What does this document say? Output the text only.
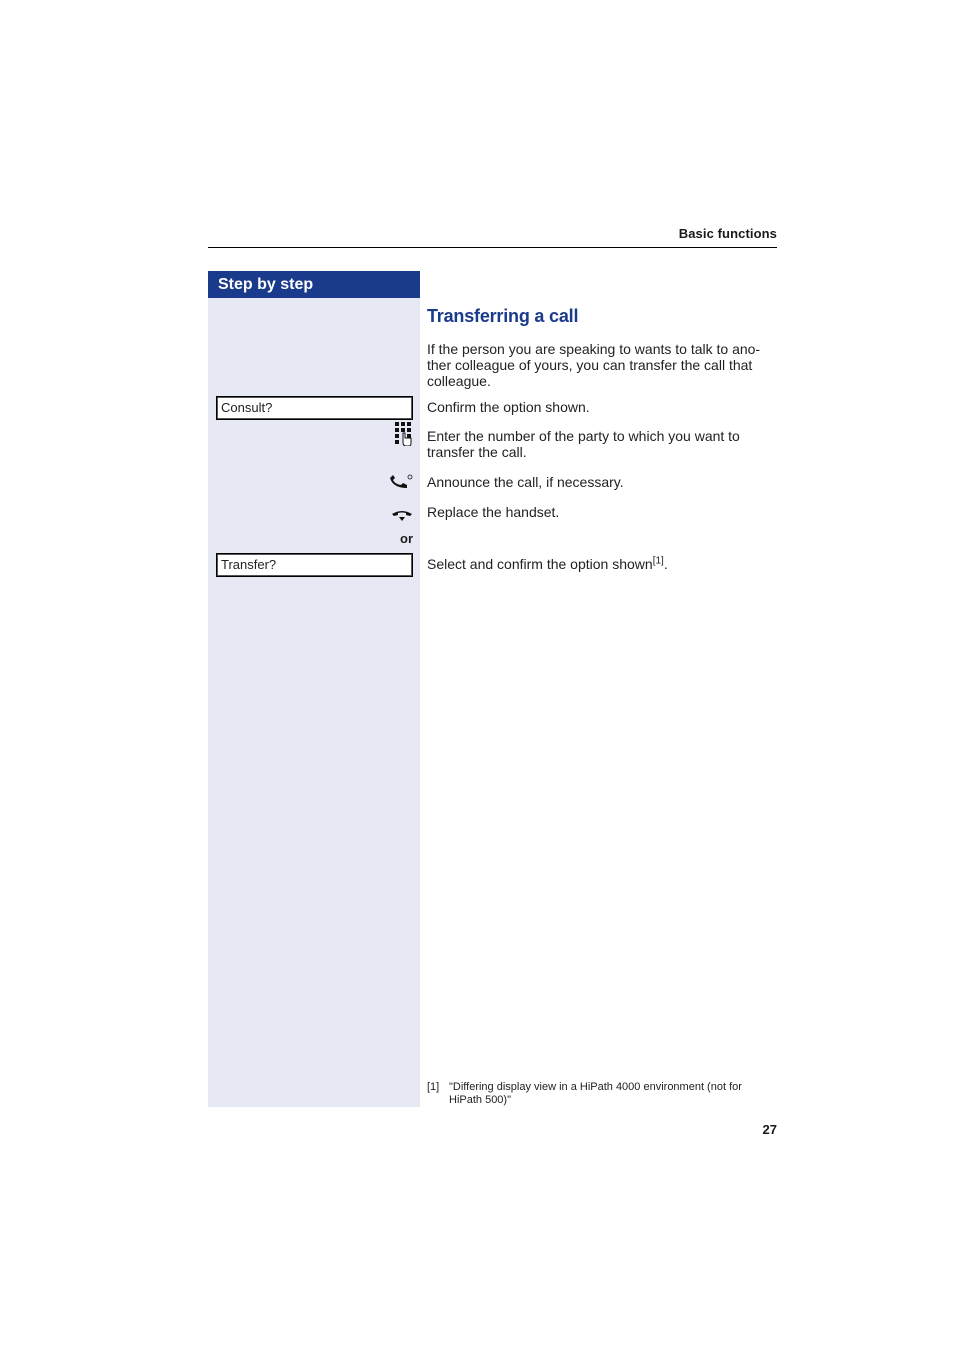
Basic functions
Step by step
Transferring a call
If the person you are speaking to wants to talk to ano-ther colleague of yours, you can transfer the call that colleague.
Consult?	Confirm the option shown.
Enter the number of the party to which you want to transfer the call.
Announce the call, if necessary.
Replace the handset.
or
Transfer?	Select and confirm the option shown[1].
[1] "Differing display view in a HiPath 4000 environment (not for HiPath 500)"
27
